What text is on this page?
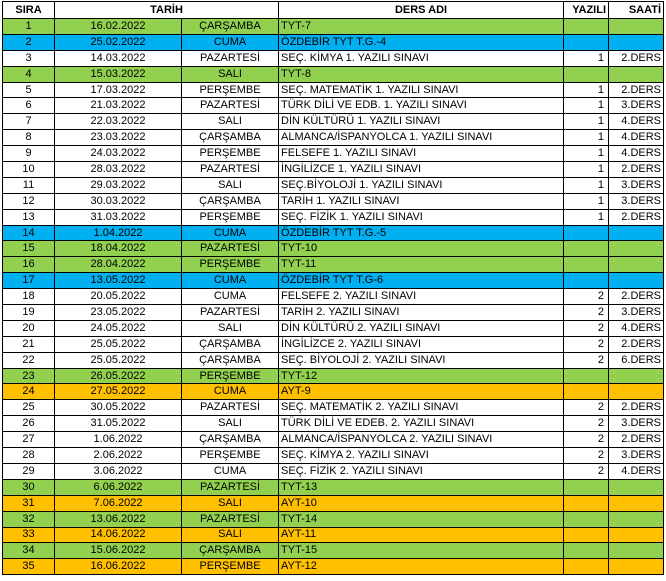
SIRA	TARİH		DERS ADI	YAZILI	SAATİ
1	16.02.2022	ÇARŞAMBA	TYT-7		
2	25.02.2022	CUMA	ÖZDEBİR TYT T.G.-4		
3	14.03.2022	PAZARTESİ	SEÇ. KİMYA 1. YAZILI SINAVI	1	2.DERS
4	15.03.2022	SALI	TYT-8		
5	17.03.2022	PERŞEMBE	SEÇ. MATEMATİK 1. YAZILI SINAVI	1	2.DERS
6	21.03.2022	PAZARTESİ	TÜRK DİLİ VE EDB. 1. YAZILI SINAVI	1	3.DERS
7	22.03.2022	SALI	DİN KÜLTÜRÜ 1. YAZILI SINAVI	1	4.DERS
8	23.03.2022	ÇARŞAMBA	ALMANCA/İSPANYOLCA 1. YAZILI SINAVI	1	4.DERS
9	24.03.2022	PERŞEMBE	FELSEFE 1. YAZILI SINAVI	1	4.DERS
10	28.03.2022	PAZARTESİ	İNGİLİZCE 1. YAZILI SINAVI	1	2.DERS
11	29.03.2022	SALI	SEÇ.BİYOLOJİ 1. YAZILI SINAVI	1	3.DERS
12	30.03.2022	ÇARŞAMBA	TARİH 1. YAZILI SINAVI	1	3.DERS
13	31.03.2022	PERŞEMBE	SEÇ. FİZİK 1. YAZILI SINAVI	1	2.DERS
14	1.04.2022	CUMA	ÖZDEBİR TYT T.G.-5		
15	18.04.2022	PAZARTESİ	TYT-10		
16	28.04.2022	PERŞEMBE	TYT-11		
17	13.05.2022	CUMA	ÖZDEBİR TYT T.G-6		
18	20.05.2022	CUMA	FELSEFE 2. YAZILI SINAVI	2	2.DERS
19	23.05.2022	PAZARTESİ	TARİH 2. YAZILI SINAVI	2	3.DERS
20	24.05.2022	SALI	DİN KÜLTÜRÜ 2. YAZILI SINAVI	2	4.DERS
21	25.05.2022	ÇARŞAMBA	İNGİLİZCE 2. YAZILI SINAVI	2	2.DERS
22	25.05.2022	ÇARŞAMBA	SEÇ. BİYOLOJİ 2. YAZILI SINAVI	2	6.DERS
23	26.05.2022	PERŞEMBE	TYT-12		
24	27.05.2022	CUMA	AYT-9		
25	30.05.2022	PAZARTESİ	SEÇ. MATEMATİK 2. YAZILI SINAVI	2	2.DERS
26	31.05.2022	SALI	TÜRK DİLİ VE EDEB. 2. YAZILI SINAVI	2	3.DERS
27	1.06.2022	ÇARŞAMBA	ALMANCA/İSPANYOLCA 2. YAZILI SINAVI	2	2.DERS
28	2.06.2022	PERŞEMBE	SEÇ. KİMYA 2. YAZILI SINAVI	2	3.DERS
29	3.06.2022	CUMA	SEÇ. FİZİK 2. YAZILI SINAVI	2	4.DERS
30	6.06.2022	PAZARTESİ	TYT-13		
31	7.06.2022	SALI	AYT-10		
32	13.06.2022	PAZARTESİ	TYT-14		
33	14.06.2022	SALI	AYT-11		
34	15.06.2022	ÇARŞAMBA	TYT-15		
35	16.06.2022	PERŞEMBE	AYT-12		
